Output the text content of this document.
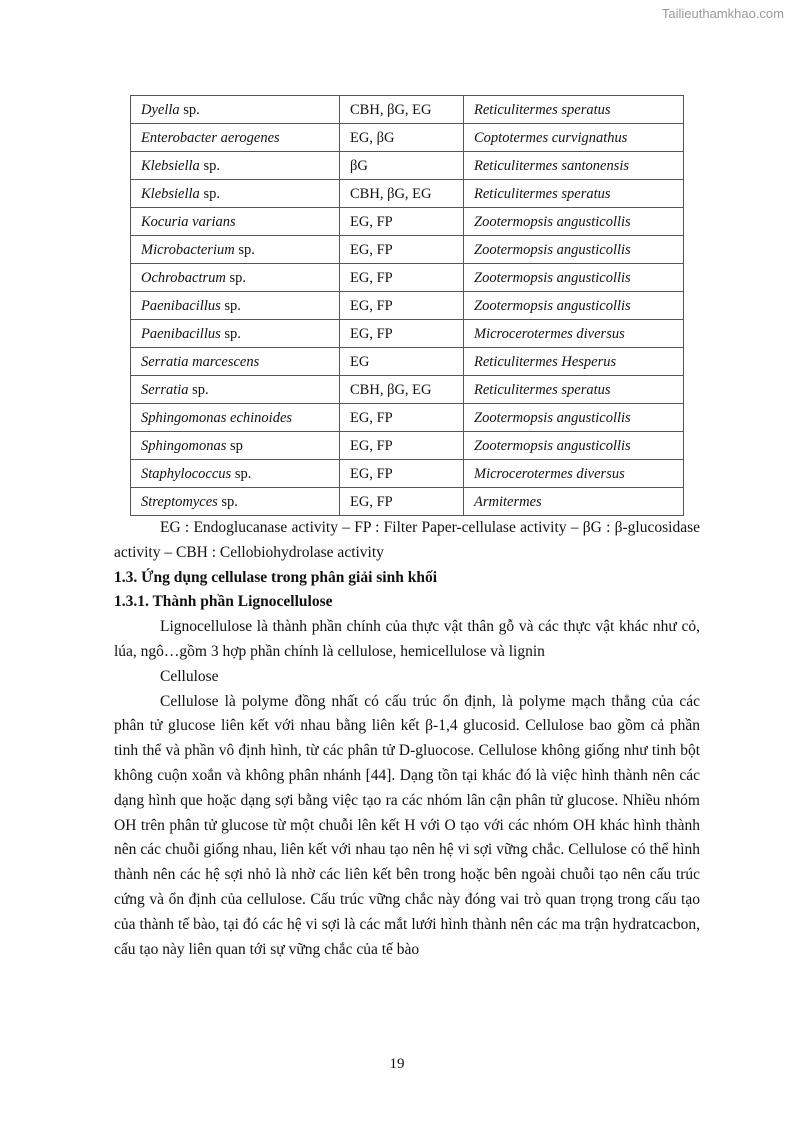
Tailieuthamkhao.com
Dyella sp.	CBH, βG, EG	Reticulitermes speratus
Enterobacter aerogenes	EG, βG	Coptotermes curvignathus
Klebsiella sp.	βG	Reticulitermes santonensis
Klebsiella sp.	CBH, βG, EG	Reticulitermes speratus
Kocuria varians	EG, FP	Zootermopsis angusticollis
Microbacterium sp.	EG, FP	Zootermopsis angusticollis
Ochrobactrum sp.	EG, FP	Zootermopsis angusticollis
Paenibacillus sp.	EG, FP	Zootermopsis angusticollis
Paenibacillus sp.	EG, FP	Microcerotermes diversus
Serratia marcescens	EG	Reticulitermes Hesperus
Serratia sp.	CBH, βG, EG	Reticulitermes speratus
Sphingomonas echinoides	EG, FP	Zootermopsis angusticollis
Sphingomonas sp	EG, FP	Zootermopsis angusticollis
Staphylococcus sp.	EG, FP	Microcerotermes diversus
Streptomyces sp.	EG, FP	Armitermes

EG : Endoglucanase activity – FP : Filter Paper-cellulase activity – βG : β-glucosidase activity – CBH : Cellobiohydrolase activity

1.3. Ứng dụng cellulase trong phân giải sinh khối

1.3.1. Thành phần Lignocellulose

Lignocellulose là thành phần chính của thực vật thân gỗ và các thực vật khác như cỏ, lúa, ngô…gồm 3 hợp phần chính là cellulose, hemicellulose và lignin

Cellulose

Cellulose là polyme đồng nhất có cấu trúc ổn định, là polyme mạch thẳng của các phân tử glucose liên kết với nhau bằng liên kết β-1,4 glucosid. Cellulose bao gồm cả phần tinh thể và phần vô định hình, từ các phân tử D-gluocose. Cellulose không giống như tinh bột không cuộn xoắn và không phân nhánh [44]. Dạng tồn tại khác đó là việc hình thành nên các dạng hình que hoặc dạng sợi bằng việc tạo ra các nhóm lân cận phân tử glucose. Nhiều nhóm OH trên phân tử glucose từ một chuỗi lên kết H với O tạo với các nhóm OH khác hình thành nên các chuỗi giống nhau, liên kết với nhau tạo nên hệ vi sợi vững chắc. Cellulose có thể hình thành nên các hệ sợi nhỏ là nhờ các liên kết bên trong hoặc bên ngoài chuỗi tạo nên cấu trúc cứng và ổn định của cellulose. Cấu trúc vững chắc này đóng vai trò quan trọng trong cấu tạo của thành tế bào, tại đó các hệ vi sợi là các mắt lưới hình thành nên các ma trận hydratcacbon, cấu tạo này liên quan tới sự vững chắc của tế bào

19
